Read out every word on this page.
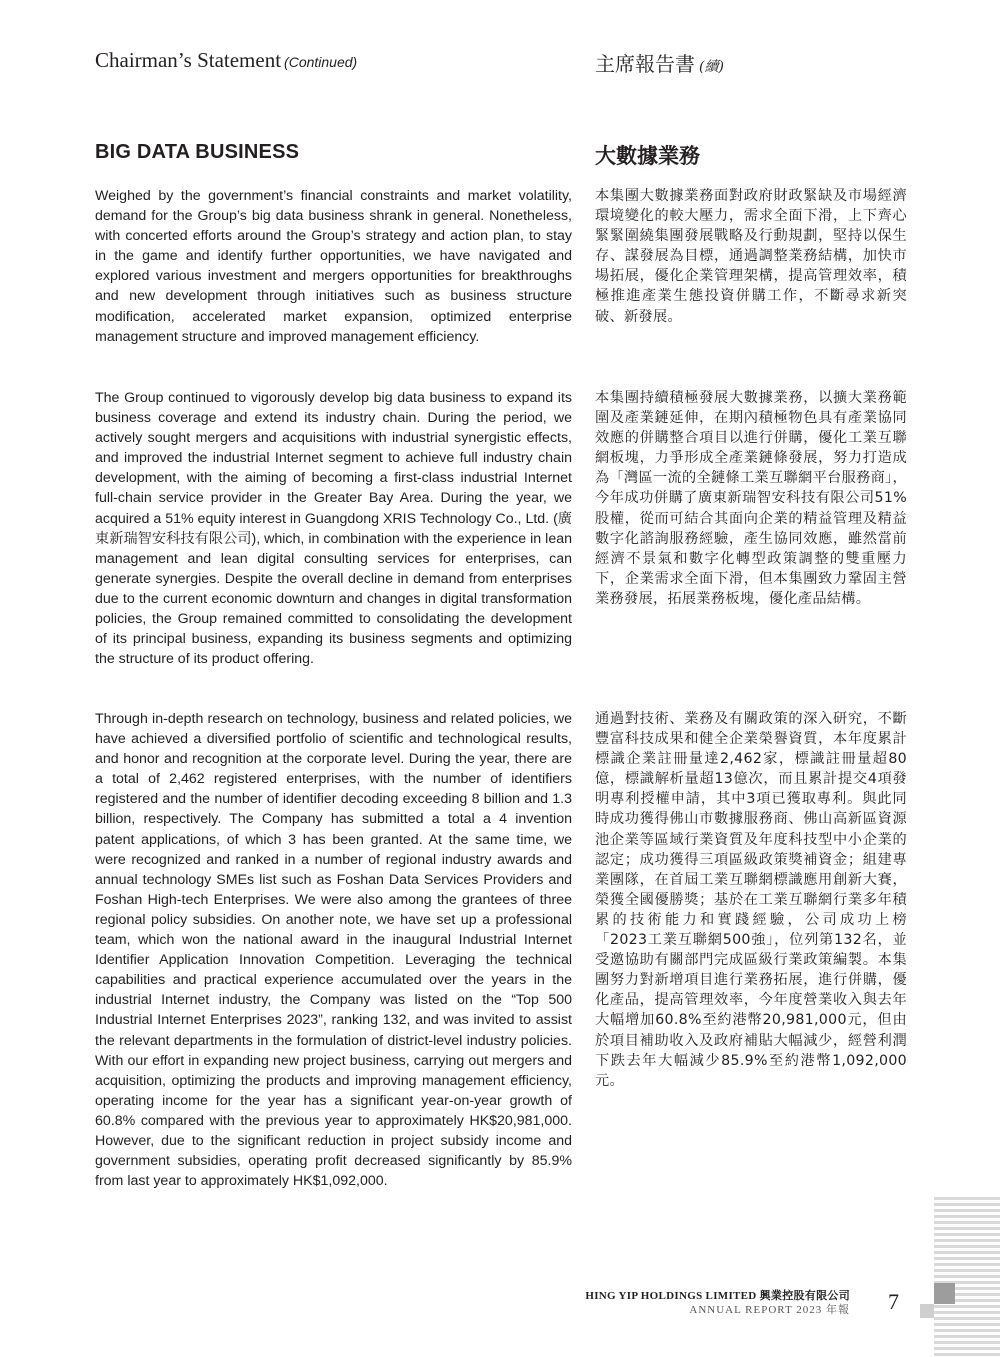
Chairman’s Statement (Continued)	主席報告書 (續)
BIG DATA BUSINESS	大數據業務

Weighed by the government’s financial constraints and market volatility, demand for the Group’s big data business shrank in general. Nonetheless, with concerted efforts around the Group’s strategy and action plan, to stay in the game and identify further opportunities, we have navigated and explored various investment and mergers opportunities for breakthroughs and new development through initiatives such as business structure modification, accelerated market expansion, optimized enterprise management structure and improved management efficiency.

The Group continued to vigorously develop big data business to expand its business coverage and extend its industry chain. During the period, we actively sought mergers and acquisitions with industrial synergistic effects, and improved the industrial Internet segment to achieve full industry chain development, with the aiming of becoming a first-class industrial Internet full-chain service provider in the Greater Bay Area. During the year, we acquired a 51% equity interest in Guangdong XRIS Technology Co., Ltd. (廣東新瑞智安科技有限公司), which, in combination with the experience in lean management and lean digital consulting services for enterprises, can generate synergies. Despite the overall decline in demand from enterprises due to the current economic downturn and changes in digital transformation policies, the Group remained committed to consolidating the development of its principal business, expanding its business segments and optimizing the structure of its product offering.

Through in-depth research on technology, business and related policies, we have achieved a diversified portfolio of scientific and technological results, and honor and recognition at the corporate level. During the year, there are a total of 2,462 registered enterprises, with the number of identifiers registered and the number of identifier decoding exceeding 8 billion and 1.3 billion, respectively. The Company has submitted a total a 4 invention patent applications, of which 3 has been granted. At the same time, we were recognized and ranked in a number of regional industry awards and annual technology SMEs list such as Foshan Data Services Providers and Foshan High-tech Enterprises. We were also among the grantees of three regional policy subsidies. On another note, we have set up a professional team, which won the national award in the inaugural Industrial Internet Identifier Application Innovation Competition. Leveraging the technical capabilities and practical experience accumulated over the years in the industrial Internet industry, the Company was listed on the “Top 500 Industrial Internet Enterprises 2023”, ranking 132, and was invited to assist the relevant departments in the formulation of district-level industry policies. With our effort in expanding new project business, carrying out mergers and acquisition, optimizing the products and improving management efficiency, operating income for the year has a significant year-on-year growth of 60.8% compared with the previous year to approximately HK$20,981,000. However, due to the significant reduction in project subsidy income and government subsidies, operating profit decreased significantly by 85.9% from last year to approximately HK$1,092,000.

本集團大數據業務面對政府財政緊缺及市場經濟環境變化的較大壓力，需求全面下滑，上下齊心緊緊圍繞集團發展戰略及行動規劃，堅持以保生存、謀發展為目標，通過調整業務結構，加快市場拓展，優化企業管理架構，提高管理效率，積極推進產業生態投資併購工作，不斷尋求新突破、新發展。

本集團持續積極發展大數據業務，以擴大業務範圍及產業鏈延伸，在期內積極物色具有產業協同效應的併購整合項目以進行併購，優化工業互聯網板塊，力爭形成全產業鏈條發展，努力打造成為「灣區一流的全鏈條工業互聯網平台服務商」，今年成功併購了廣東新瑞智安科技有限公司51%股權，從而可結合其面向企業的精益管理及精益數字化諮詢服務經驗，產生協同效應，雖然當前經濟不景氣和數字化轉型政策調整的雙重壓力下，企業需求全面下滑，但本集團致力鞏固主營業務發展，拓展業務板塊，優化產品結構。

通過對技術、業務及有關政策的深入研究，不斷豐富科技成果和健全企業榮譽資質，本年度累計標識企業註冊量達2,462家，標識註冊量超80億，標識解析量超13億次，而且累計提交4項發明專利授權申請，其中3項已獲取專利。與此同時成功獲得佛山市數據服務商、佛山高新區資源池企業等區域行業資質及年度科技型中小企業的認定；成功獲得三項區級政策獎補資金；組建專業團隊，在首屆工業互聯網標識應用創新大賽，榮獲全國優勝獎；基於在工業互聯網行業多年積累的技術能力和實踐經驗，公司成功上榜「2023工業互聯網500強」，位列第132名，並受邀協助有關部門完成區級行業政策編製。本集團努力對新增項目進行業務拓展，進行併購，優化產品，提高管理效率，今年度營業收入與去年大幅增加60.8%至約港幣20,981,000元，但由於項目補助收入及政府補貼大幅減少，經營利潤下跌去年大幅減少85.9%至約港幣1,092,000元。

HING YIP HOLDINGS LIMITED 興業控股有限公司
ANNUAL REPORT 2023 年報 7
